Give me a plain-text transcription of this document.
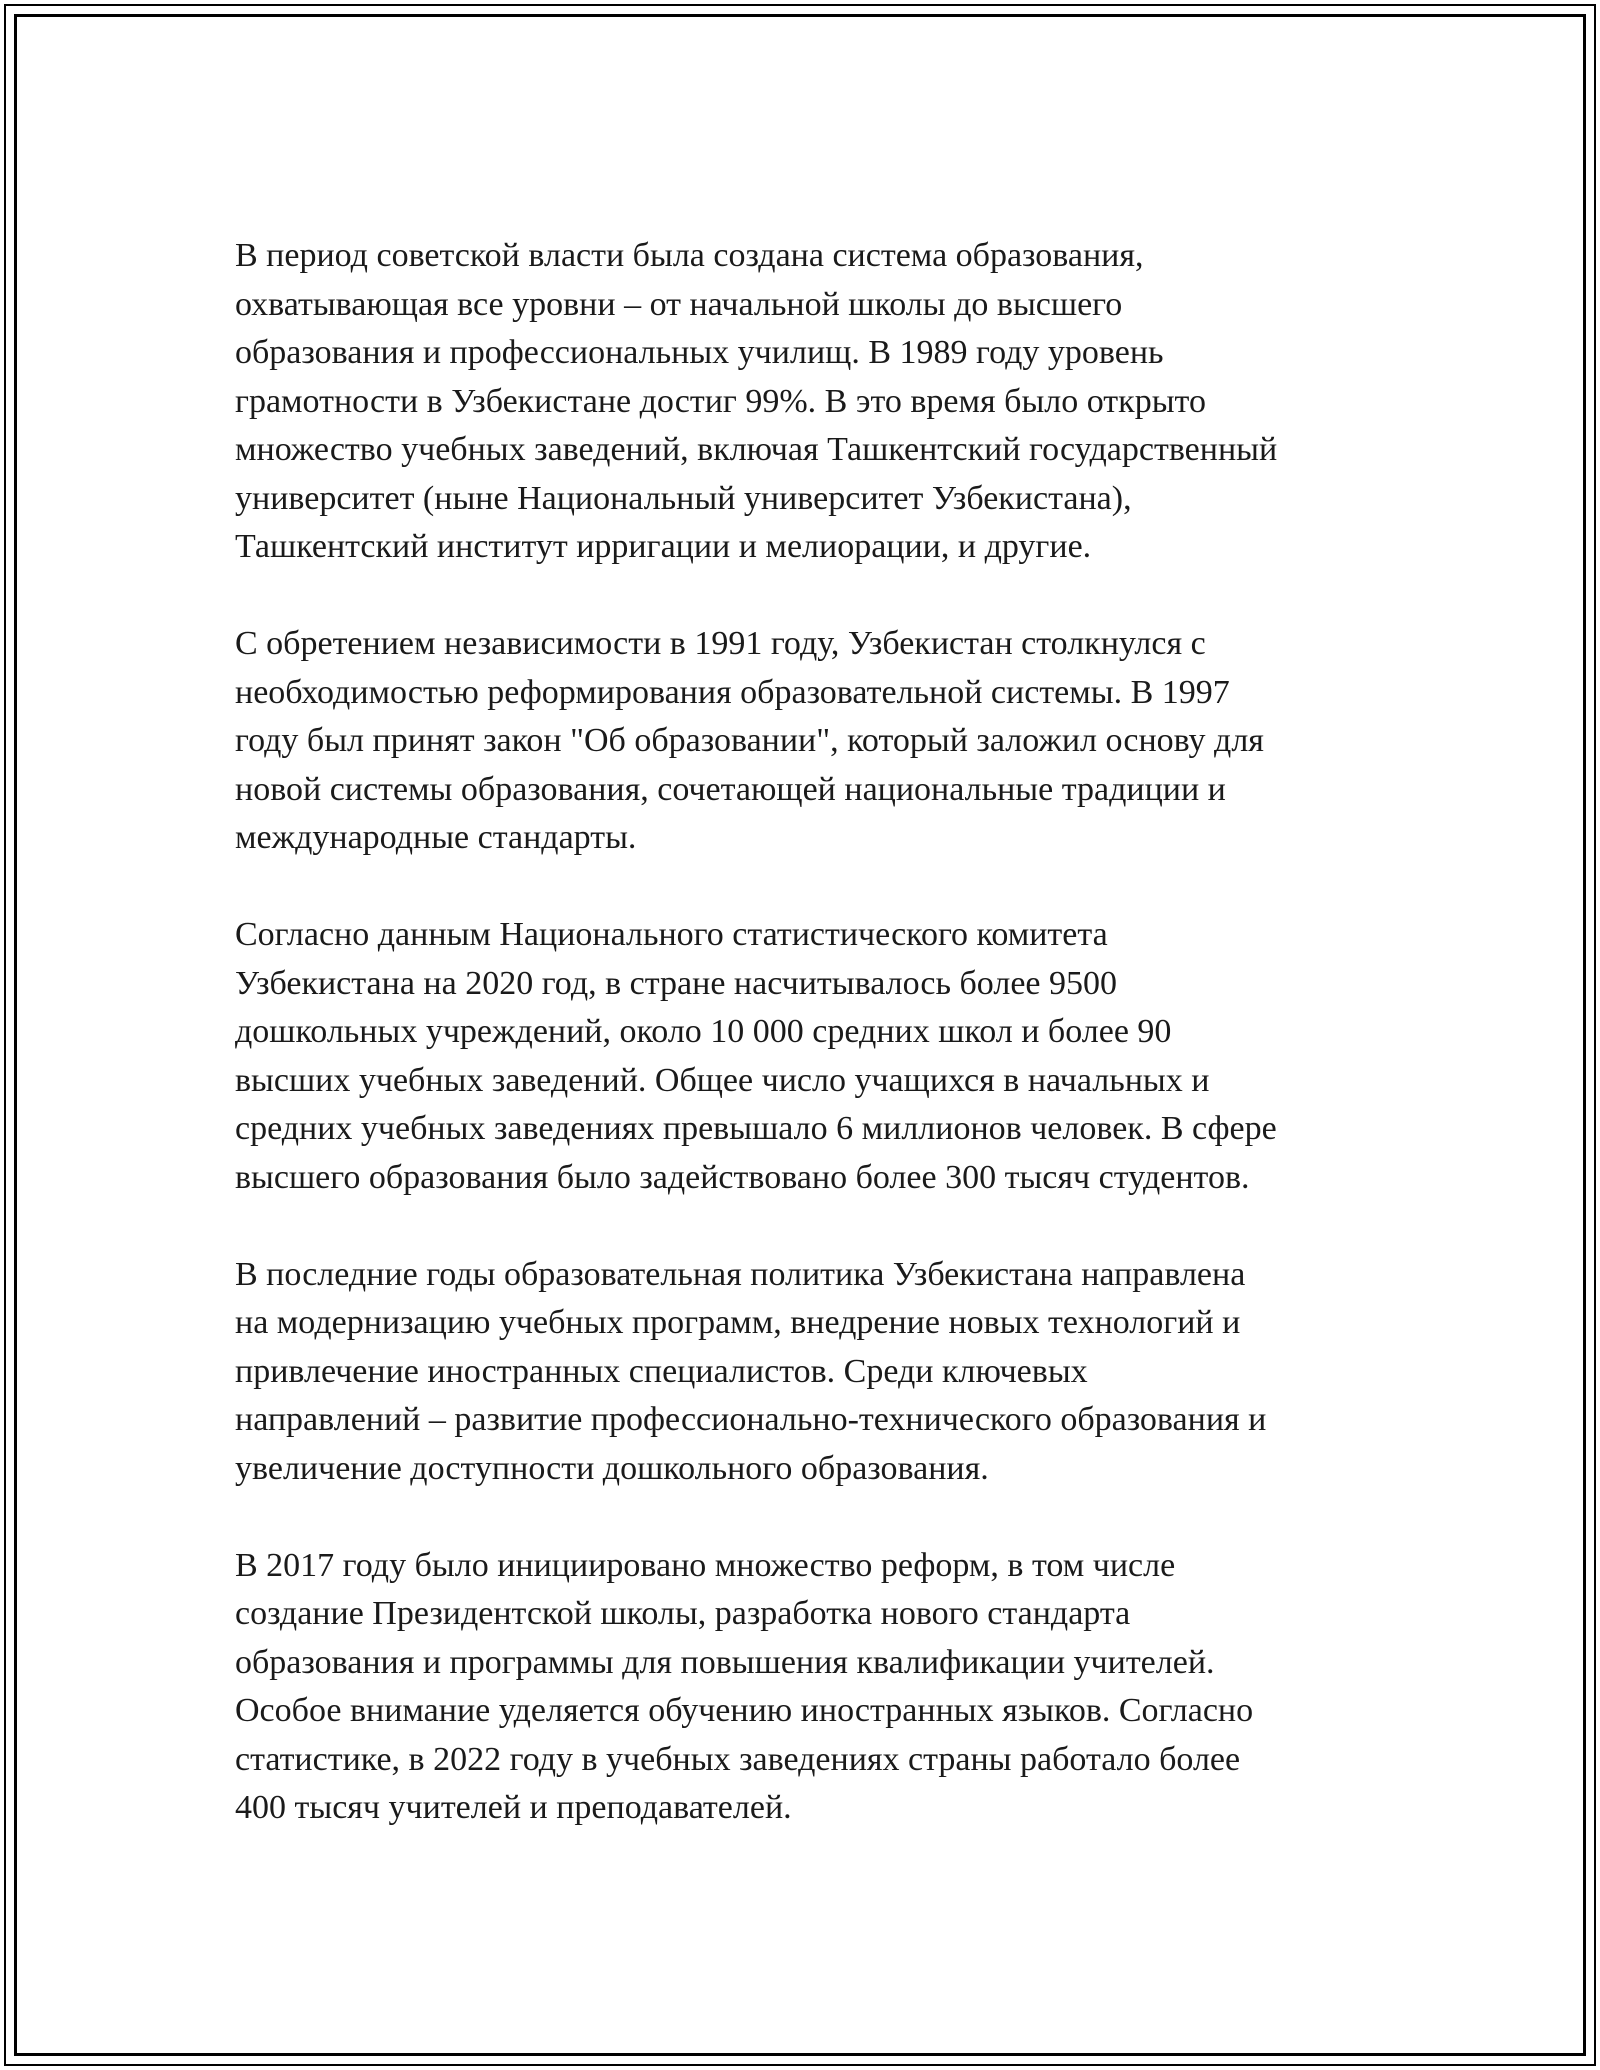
В период советской власти была создана система образования,
охватывающая все уровни – от начальной школы до высшего
образования и профессиональных училищ. В 1989 году уровень
грамотности в Узбекистане достиг 99%. В это время было открыто
множество учебных заведений, включая Ташкентский государственный
университет (ныне Национальный университет Узбекистана),
Ташкентский институт ирригации и мелиорации, и другие.

С обретением независимости в 1991 году, Узбекистан столкнулся с
необходимостью реформирования образовательной системы. В 1997
году был принят закон "Об образовании", который заложил основу для
новой системы образования, сочетающей национальные традиции и
международные стандарты.

Согласно данным Национального статистического комитета
Узбекистана на 2020 год, в стране насчитывалось более 9500
дошкольных учреждений, около 10 000 средних школ и более 90
высших учебных заведений. Общее число учащихся в начальных и
средних учебных заведениях превышало 6 миллионов человек. В сфере
высшего образования было задействовано более 300 тысяч студентов.

В последние годы образовательная политика Узбекистана направлена
на модернизацию учебных программ, внедрение новых технологий и
привлечение иностранных специалистов. Среди ключевых
направлений – развитие профессионально-технического образования и
увеличение доступности дошкольного образования.

В 2017 году было инициировано множество реформ, в том числе
создание Президентской школы, разработка нового стандарта
образования и программы для повышения квалификации учителей.
Особое внимание уделяется обучению иностранных языков. Согласно
статистике, в 2022 году в учебных заведениях страны работало более
400 тысяч учителей и преподавателей.
